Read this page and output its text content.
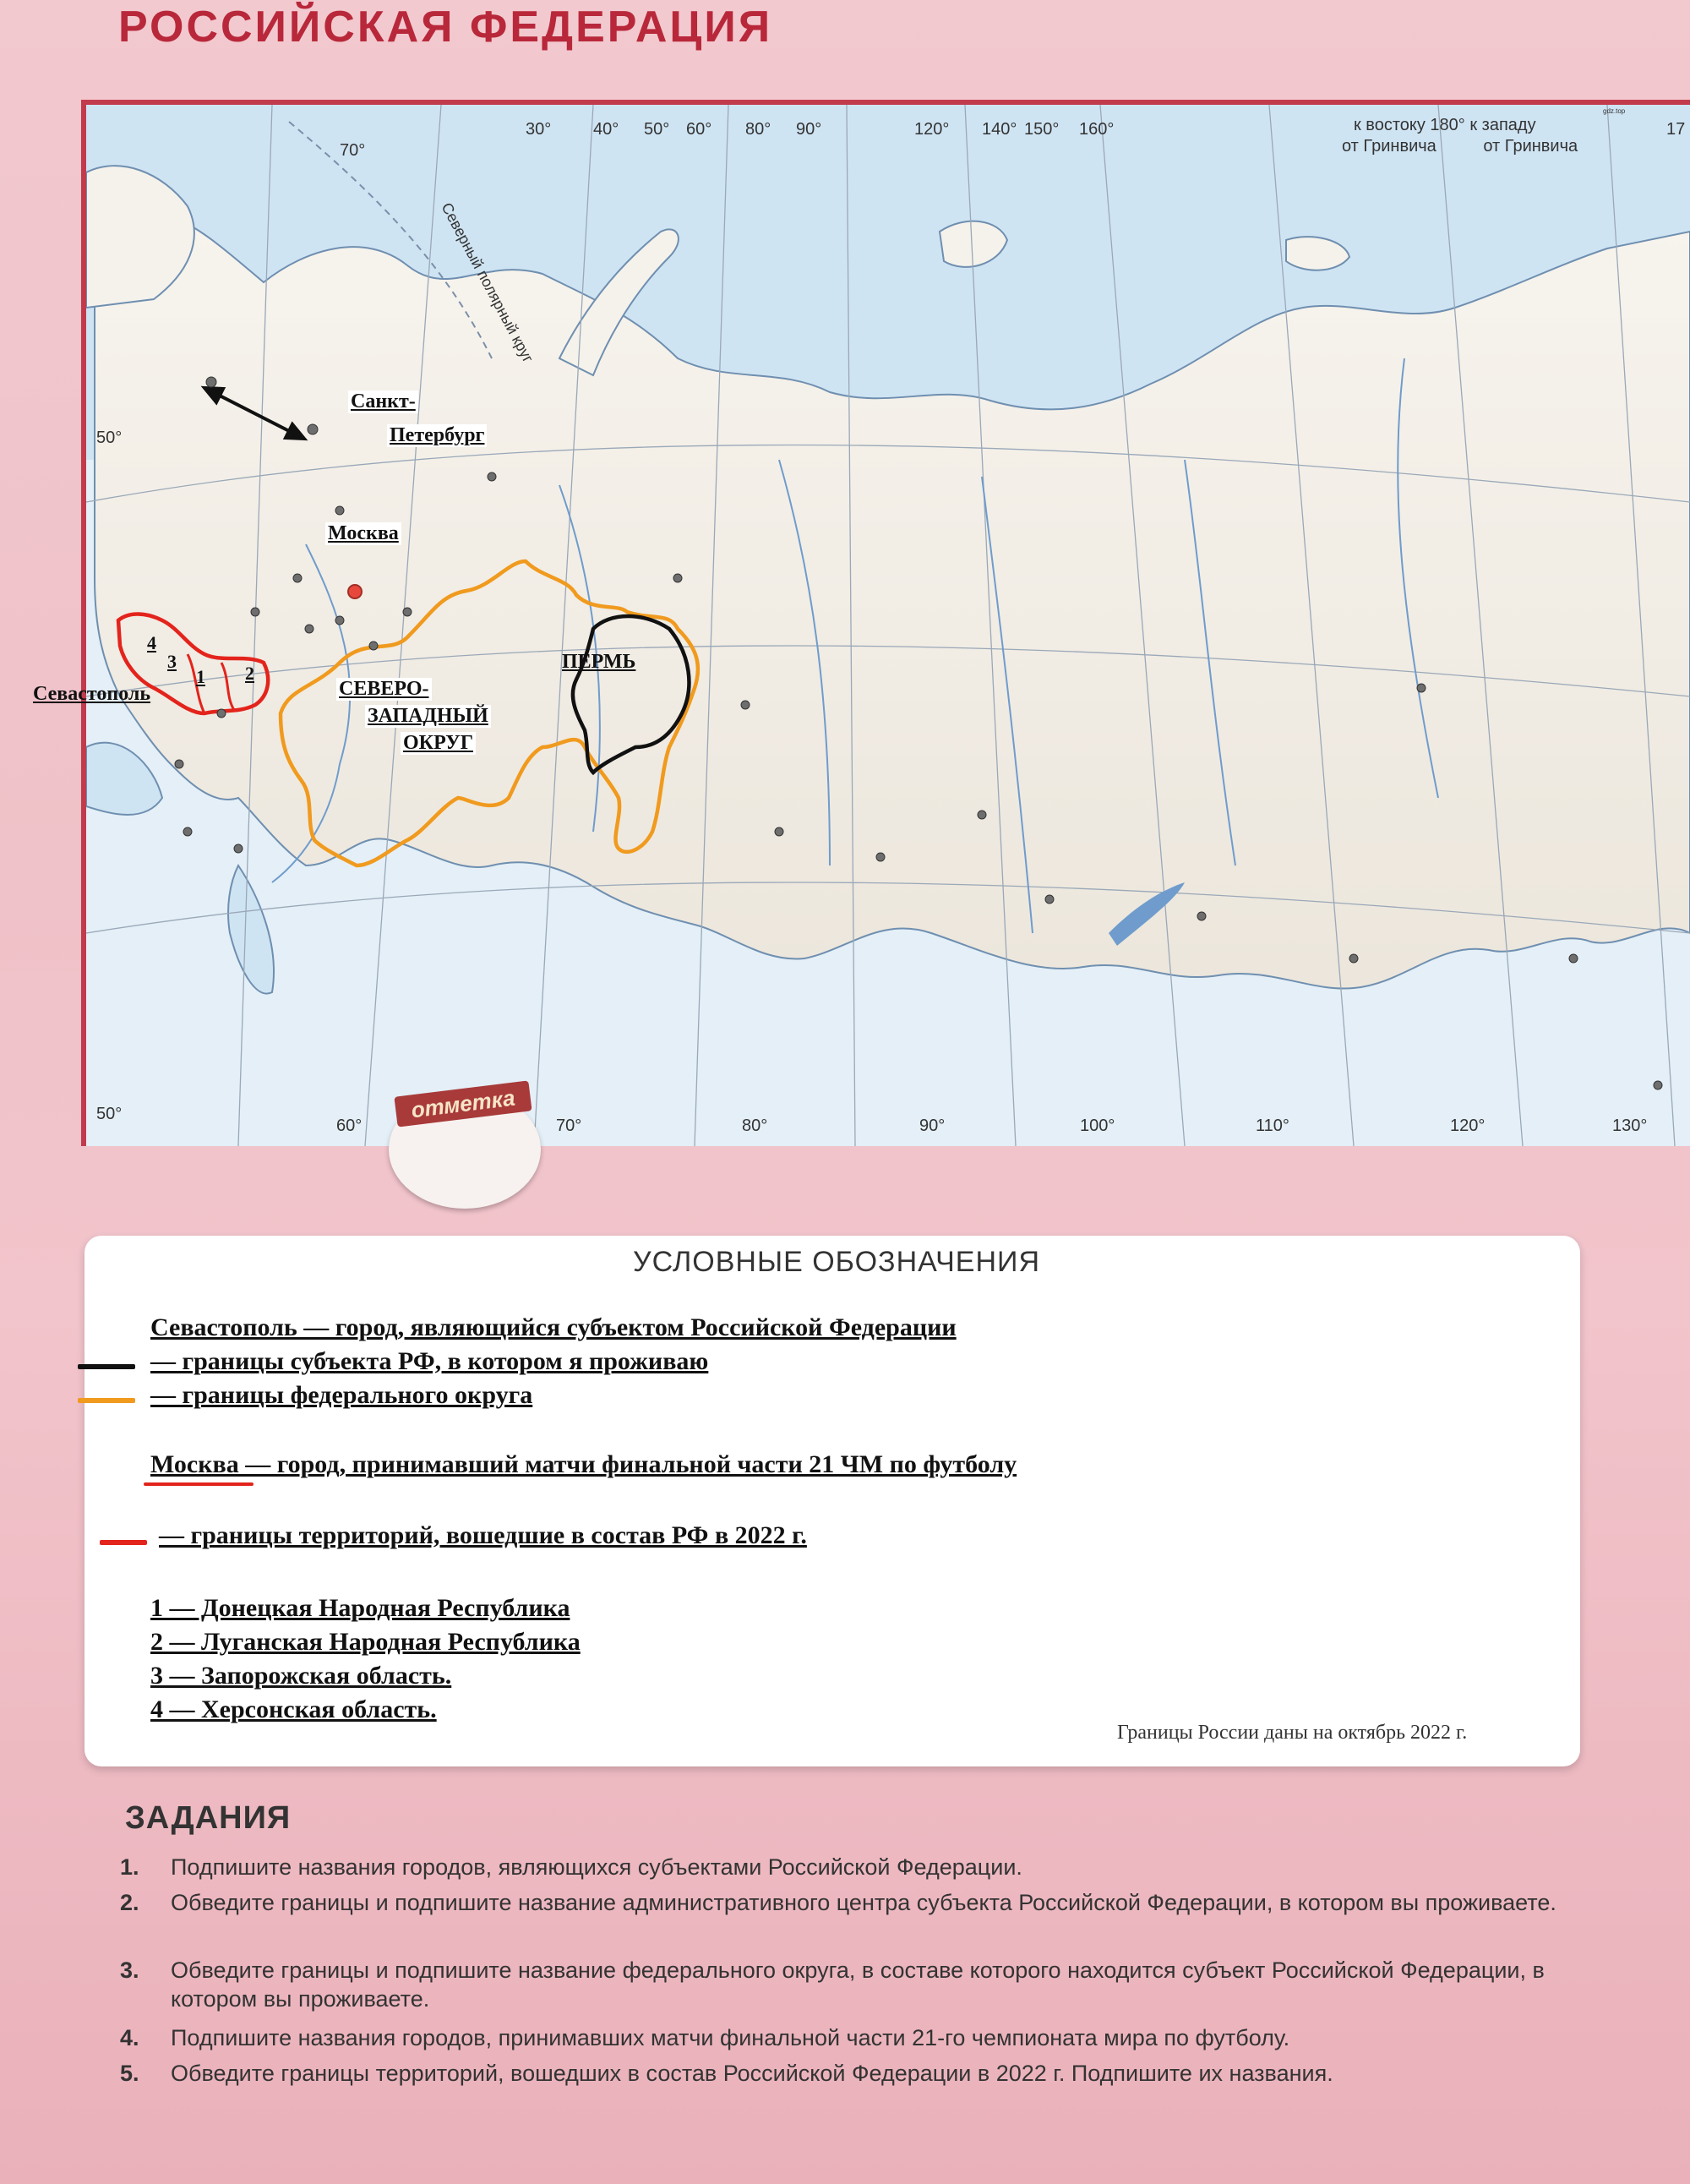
РОССИЙСКАЯ ФЕДЕРАЦИЯ
30° 40° 50° 60° 80° 90°	120° 140° 150° 160°	17
70°
к востоку 180° к западу
от Гринвича          от Гринвича
gdz.top
Северный полярный круг
50°
60°	70°	80°	90°	100°	110°	120°	130°
50°
Санкт-
Петербург
Москва
Севастополь
ПЕРМЬ
СЕВЕРО-
ЗАПАДНЫЙ
ОКРУГ
4
3
1 2
отметка
УСЛОВНЫЕ ОБОЗНАЧЕНИЯ
Севастополь — город, являющийся субъектом Российской Федерации
— границы субъекта РФ, в котором я проживаю
— границы федерального округа
Москва — город, принимавший матчи финальной части 21 ЧМ по футболу
— границы территорий, вошедшие в состав РФ в 2022 г.
1 — Донецкая Народная Республика
2 — Луганская Народная Республика
3 — Запорожская область.
4 — Херсонская область.
Границы России даны на октябрь 2022 г.
ЗАДАНИЯ
1. Подпишите названия городов, являющихся субъектами Российской Федерации.
2. Обведите границы и подпишите название административного центра субъекта Российской Федерации, в котором вы проживаете.
3. Обведите границы и подпишите название федерального округа, в составе которого находится субъект Российской Федерации, в котором вы проживаете.
4. Подпишите названия городов, принимавших матчи финальной части 21-го чемпионата мира по футболу.
5. Обведите границы территорий, вошедших в состав Российской Федерации в 2022 г. Подпишите их названия.
